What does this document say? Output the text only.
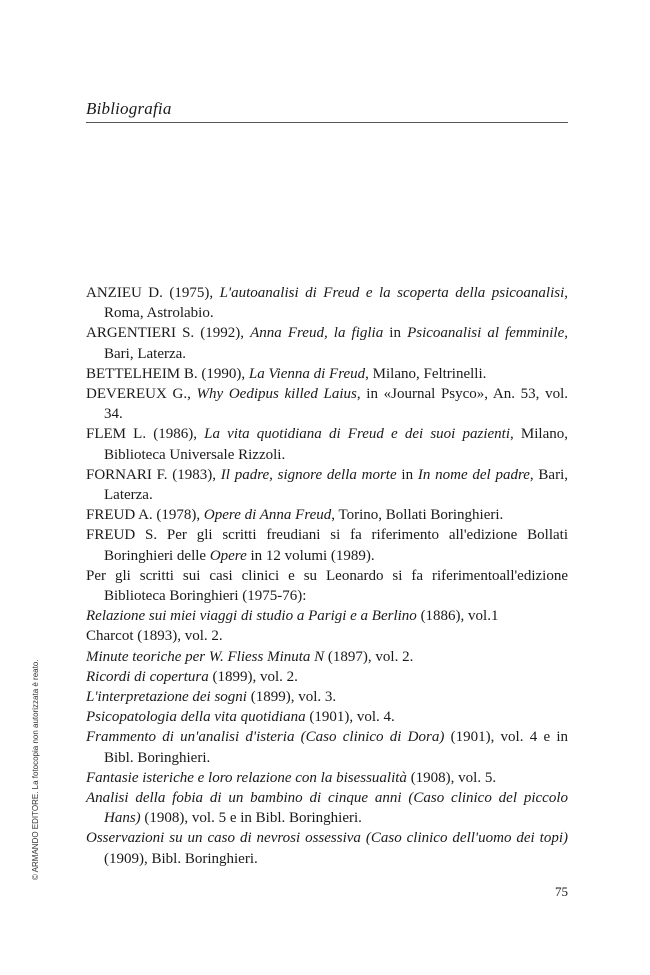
Bibliografia
ANZIEU D. (1975), L'autoanalisi di Freud e la scoperta della psicoanalisi, Roma, Astrolabio.
ARGENTIERI S. (1992), Anna Freud, la figlia in Psicoanalisi al femminile, Bari, Laterza.
BETTELHEIM B. (1990), La Vienna di Freud, Milano, Feltrinelli.
DEVEREUX G., Why Oedipus killed Laius, in «Journal Psyco», An. 53, vol. 34.
FLEM L. (1986), La vita quotidiana di Freud e dei suoi pazienti, Milano, Biblioteca Universale Rizzoli.
FORNARI F. (1983), Il padre, signore della morte in In nome del padre, Bari, Laterza.
FREUD A. (1978), Opere di Anna Freud, Torino, Bollati Boringhieri.
FREUD S. Per gli scritti freudiani si fa riferimento all'edizione Bollati Boringhieri delle Opere in 12 volumi (1989).
Per gli scritti sui casi clinici e su Leonardo si fa riferimentoall'edizione Biblioteca Boringhieri (1975-76):
Relazione sui miei viaggi di studio a Parigi e a Berlino (1886), vol.1
Charcot (1893), vol. 2.
Minute teoriche per W. Fliess Minuta N (1897), vol. 2.
Ricordi di copertura (1899), vol. 2.
L'interpretazione dei sogni (1899), vol. 3.
Psicopatologia della vita quotidiana (1901), vol. 4.
Frammento di un'analisi d'isteria (Caso clinico di Dora) (1901), vol. 4 e in Bibl. Boringhieri.
Fantasie isteriche e loro relazione con la bisessualità (1908), vol. 5.
Analisi della fobia di un bambino di cinque anni (Caso clinico del piccolo Hans) (1908), vol. 5 e in Bibl. Boringhieri.
Osservazioni su un caso di nevrosi ossessiva (Caso clinico dell'uomo dei topi) (1909), Bibl. Boringhieri.
75
© ARMANDO EDITORE. La fotocopia non autorizzata è reato.
